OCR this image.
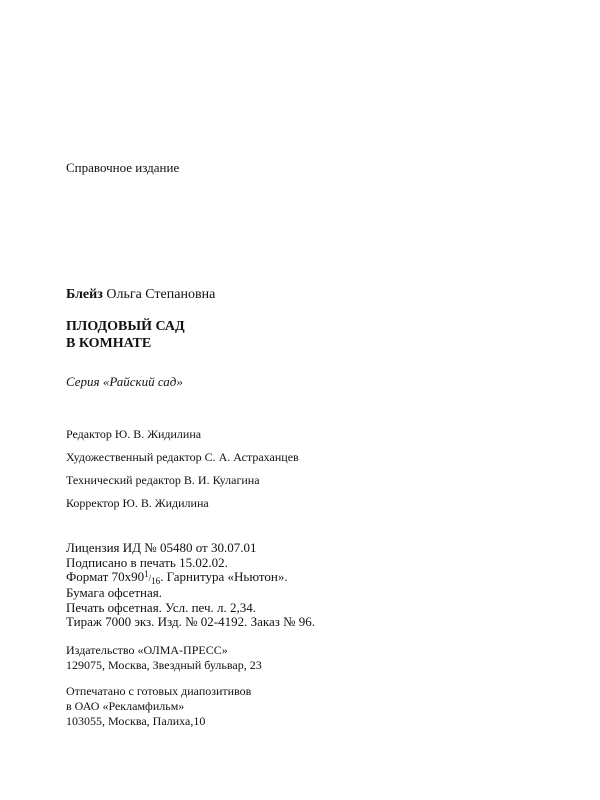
Справочное издание
Блейз Ольга Степановна
ПЛОДОВЫЙ САД
В КОМНАТЕ
Серия «Райский сад»
Редактор Ю. В. Жидилина
Художественный редактор С. А. Астраханцев
Технический редактор В. И. Кулагина
Корректор Ю. В. Жидилина
Лицензия ИД № 05480 от 30.07.01
Подписано в печать 15.02.02.
Формат 70x901/16. Гарнитура «Ньютон».
Бумага офсетная.
Печать офсетная. Усл. печ. л. 2,34.
Тираж 7000 экз. Изд. № 02-4192. Заказ № 96.
Издательство «ОЛМА-ПРЕСС»
129075, Москва, Звездный бульвар, 23
Отпечатано с готовых диапозитивов
в ОАО «Рекламфильм»
103055, Москва, Палиха,10
